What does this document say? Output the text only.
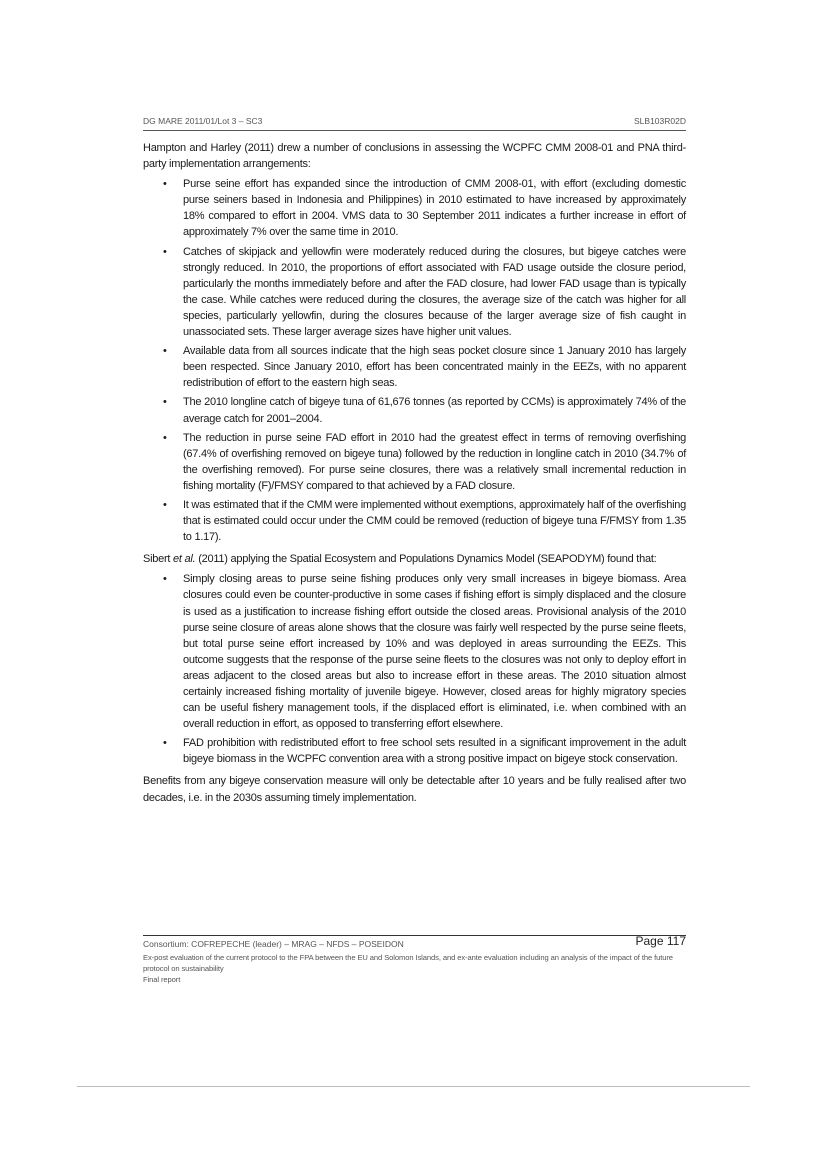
DG MARE 2011/01/Lot 3 – SC3	SLB103R02D

Hampton and Harley (2011) drew a number of conclusions in assessing the WCPFC CMM 2008-01 and PNA third-party implementation arrangements:

• Purse seine effort has expanded since the introduction of CMM 2008-01, with effort (excluding domestic purse seiners based in Indonesia and Philippines) in 2010 estimated to have increased by approximately 18% compared to effort in 2004. VMS data to 30 September 2011 indicates a further increase in effort of approximately 7% over the same time in 2010.
• Catches of skipjack and yellowfin were moderately reduced during the closures, but bigeye catches were strongly reduced. In 2010, the proportions of effort associated with FAD usage outside the closure period, particularly the months immediately before and after the FAD closure, had lower FAD usage than is typically the case. While catches were reduced during the closures, the average size of the catch was higher for all species, particularly yellowfin, during the closures because of the larger average size of fish caught in unassociated sets. These larger average sizes have higher unit values.
• Available data from all sources indicate that the high seas pocket closure since 1 January 2010 has largely been respected. Since January 2010, effort has been concentrated mainly in the EEZs, with no apparent redistribution of effort to the eastern high seas.
• The 2010 longline catch of bigeye tuna of 61,676 tonnes (as reported by CCMs) is approximately 74% of the average catch for 2001–2004.
• The reduction in purse seine FAD effort in 2010 had the greatest effect in terms of removing overfishing (67.4% of overfishing removed on bigeye tuna) followed by the reduction in longline catch in 2010 (34.7% of the overfishing removed). For purse seine closures, there was a relatively small incremental reduction in fishing mortality (F)/FMSY compared to that achieved by a FAD closure.
• It was estimated that if the CMM were implemented without exemptions, approximately half of the overfishing that is estimated could occur under the CMM could be removed (reduction of bigeye tuna F/FMSY from 1.35 to 1.17).

Sibert et al. (2011) applying the Spatial Ecosystem and Populations Dynamics Model (SEAPODYM) found that:

• Simply closing areas to purse seine fishing produces only very small increases in bigeye biomass. Area closures could even be counter-productive in some cases if fishing effort is simply displaced and the closure is used as a justification to increase fishing effort outside the closed areas. Provisional analysis of the 2010 purse seine closure of areas alone shows that the closure was fairly well respected by the purse seine fleets, but total purse seine effort increased by 10% and was deployed in areas surrounding the EEZs. This outcome suggests that the response of the purse seine fleets to the closures was not only to deploy effort in areas adjacent to the closed areas but also to increase effort in these areas. The 2010 situation almost certainly increased fishing mortality of juvenile bigeye. However, closed areas for highly migratory species can be useful fishery management tools, if the displaced effort is eliminated, i.e. when combined with an overall reduction in effort, as opposed to transferring effort elsewhere.
• FAD prohibition with redistributed effort to free school sets resulted in a significant improvement in the adult bigeye biomass in the WCPFC convention area with a strong positive impact on bigeye stock conservation.

Benefits from any bigeye conservation measure will only be detectable after 10 years and be fully realised after two decades, i.e. in the 2030s assuming timely implementation.

Consortium: COFREPECHE (leader) – MRAG – NFDS – POSEIDON	Page 117
Ex-post evaluation of the current protocol to the FPA between the EU and Solomon Islands, and ex-ante evaluation including an analysis of the impact of the future protocol on sustainability
Final report
